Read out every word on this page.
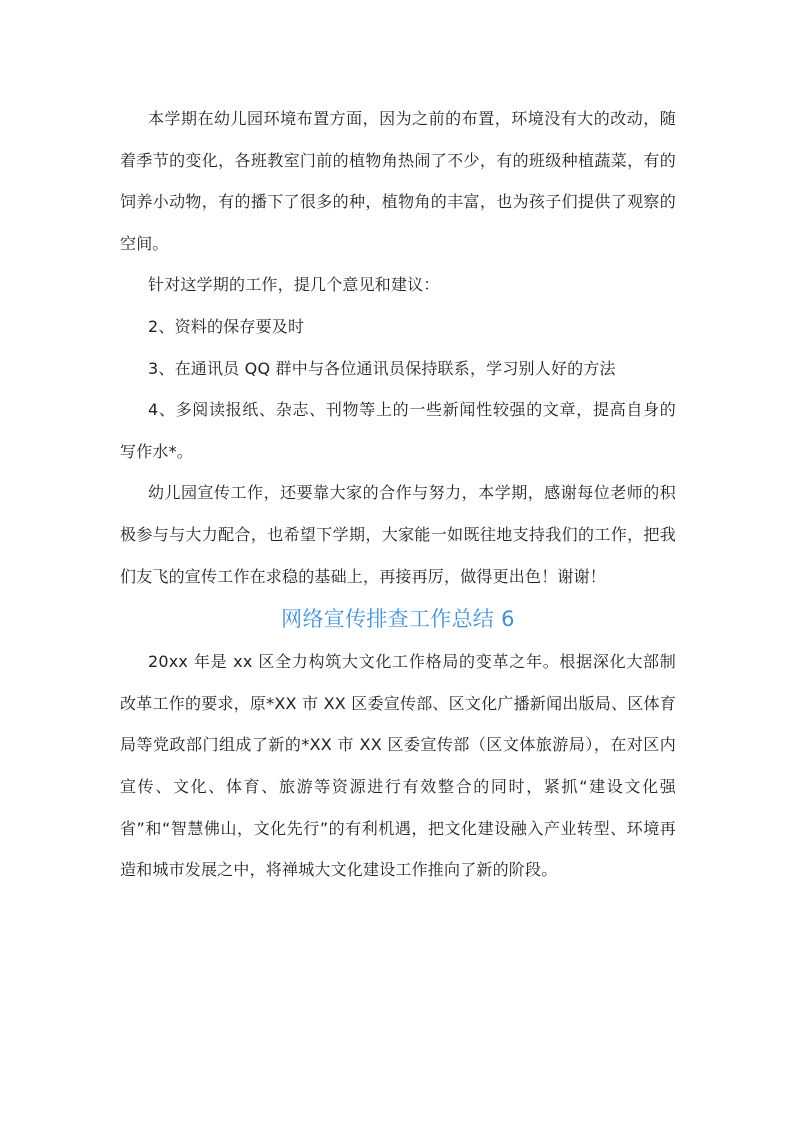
本学期在幼儿园环境布置方面，因为之前的布置，环境没有大的改动，随着季节的变化，各班教室门前的植物角热闹了不少，有的班级种植蔬菜，有的饲养小动物，有的播下了很多的种，植物角的丰富，也为孩子们提供了观察的空间。

针对这学期的工作，提几个意见和建议：

2、资料的保存要及时

3、在通讯员 QQ 群中与各位通讯员保持联系，学习别人好的方法

4、多阅读报纸、杂志、刊物等上的一些新闻性较强的文章，提高自身的写作水*。

幼儿园宣传工作，还要靠大家的合作与努力，本学期，感谢每位老师的积极参与与大力配合，也希望下学期，大家能一如既往地支持我们的工作，把我们友飞的宣传工作在求稳的基础上，再接再厉，做得更出色！谢谢！

网络宣传排查工作总结 6

20xx 年是 xx 区全力构筑大文化工作格局的变革之年。根据深化大部制改革工作的要求，原*XX 市 XX 区委宣传部、区文化广播新闻出版局、区体育局等党政部门组成了新的*XX 市 XX 区委宣传部（区文体旅游局），在对区内宣传、文化、体育、旅游等资源进行有效整合的同时，紧抓“建设文化强省”和“智慧佛山，文化先行”的有利机遇，把文化建设融入产业转型、环境再造和城市发展之中，将禅城大文化建设工作推向了新的阶段。
